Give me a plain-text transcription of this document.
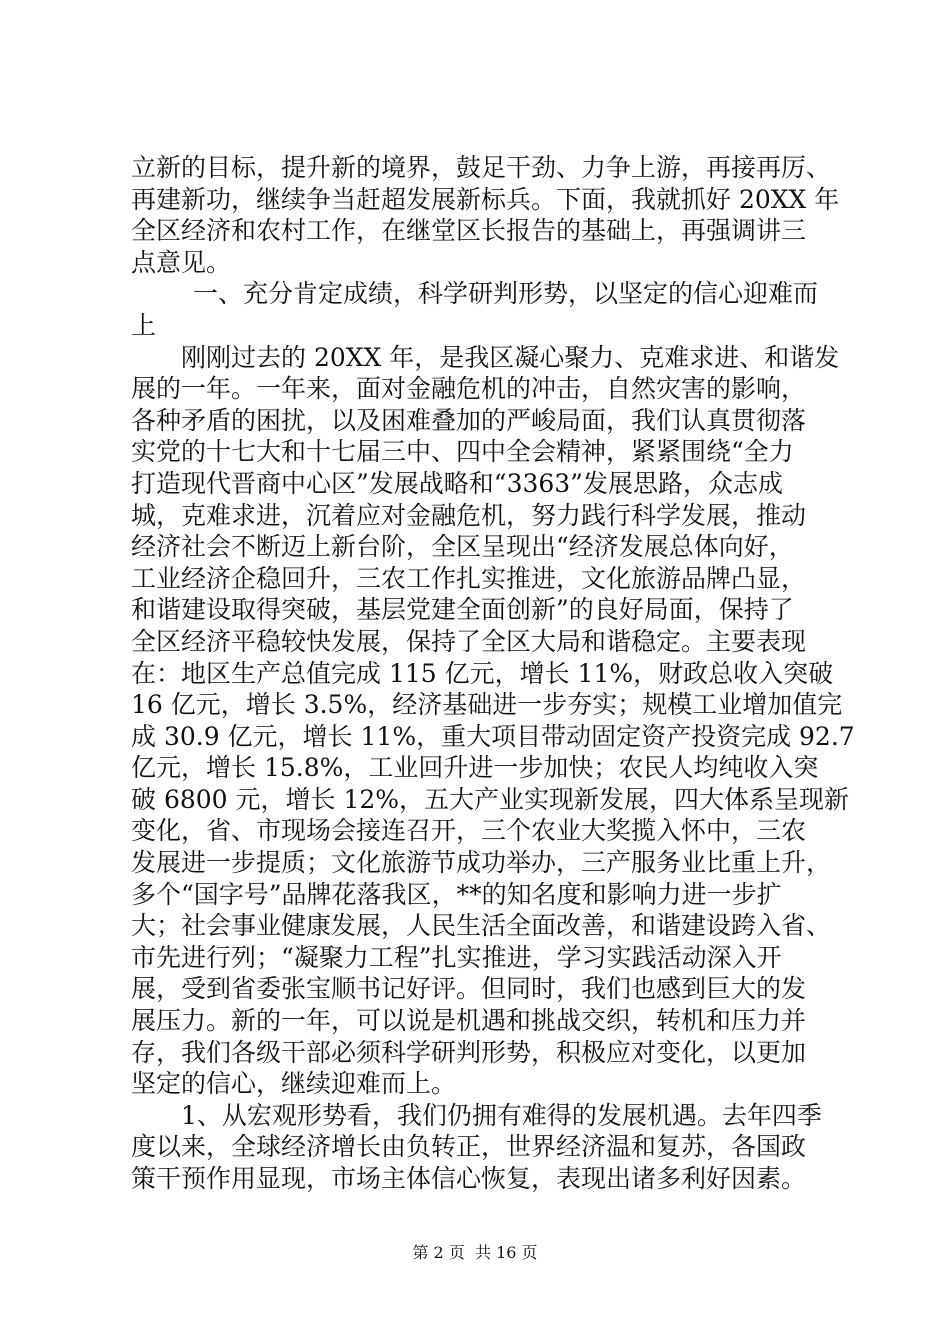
立新的目标，提升新的境界，鼓足干劲、力争上游，再接再厉、
再建新功，继续争当赶超发展新标兵。下面，我就抓好 20XX 年
全区经济和农村工作，在继堂区长报告的基础上，再强调讲三
点意见。
一、充分肯定成绩，科学研判形势，以坚定的信心迎难而
上
刚刚过去的 20XX 年，是我区凝心聚力、克难求进、和谐发
展的一年。一年来，面对金融危机的冲击，自然灾害的影响，
各种矛盾的困扰，以及困难叠加的严峻局面，我们认真贯彻落
实党的十七大和十七届三中、四中全会精神，紧紧围绕“全力
打造现代晋商中心区”发展战略和“3363”发展思路，众志成
城，克难求进，沉着应对金融危机，努力践行科学发展，推动
经济社会不断迈上新台阶，全区呈现出“经济发展总体向好，
工业经济企稳回升，三农工作扎实推进，文化旅游品牌凸显，
和谐建设取得突破，基层党建全面创新”的良好局面，保持了
全区经济平稳较快发展，保持了全区大局和谐稳定。主要表现
在：地区生产总值完成 115 亿元，增长 11%，财政总收入突破
16 亿元，增长 3.5%，经济基础进一步夯实；规模工业增加值完
成 30.9 亿元，增长 11%，重大项目带动固定资产投资完成 92.7
亿元，增长 15.8%，工业回升进一步加快；农民人均纯收入突
破 6800 元，增长 12%，五大产业实现新发展，四大体系呈现新
变化，省、市现场会接连召开，三个农业大奖揽入怀中，三农
发展进一步提质；文化旅游节成功举办，三产服务业比重上升，
多个“国字号”品牌花落我区，**的知名度和影响力进一步扩
大；社会事业健康发展，人民生活全面改善，和谐建设跨入省、
市先进行列；“凝聚力工程”扎实推进，学习实践活动深入开
展，受到省委张宝顺书记好评。但同时，我们也感到巨大的发
展压力。新的一年，可以说是机遇和挑战交织，转机和压力并
存，我们各级干部必须科学研判形势，积极应对变化，以更加
坚定的信心，继续迎难而上。
1、从宏观形势看，我们仍拥有难得的发展机遇。去年四季
度以来，全球经济增长由负转正，世界经济温和复苏，各国政
策干预作用显现，市场主体信心恢复，表现出诸多利好因素。
第 2 页  共 16 页
